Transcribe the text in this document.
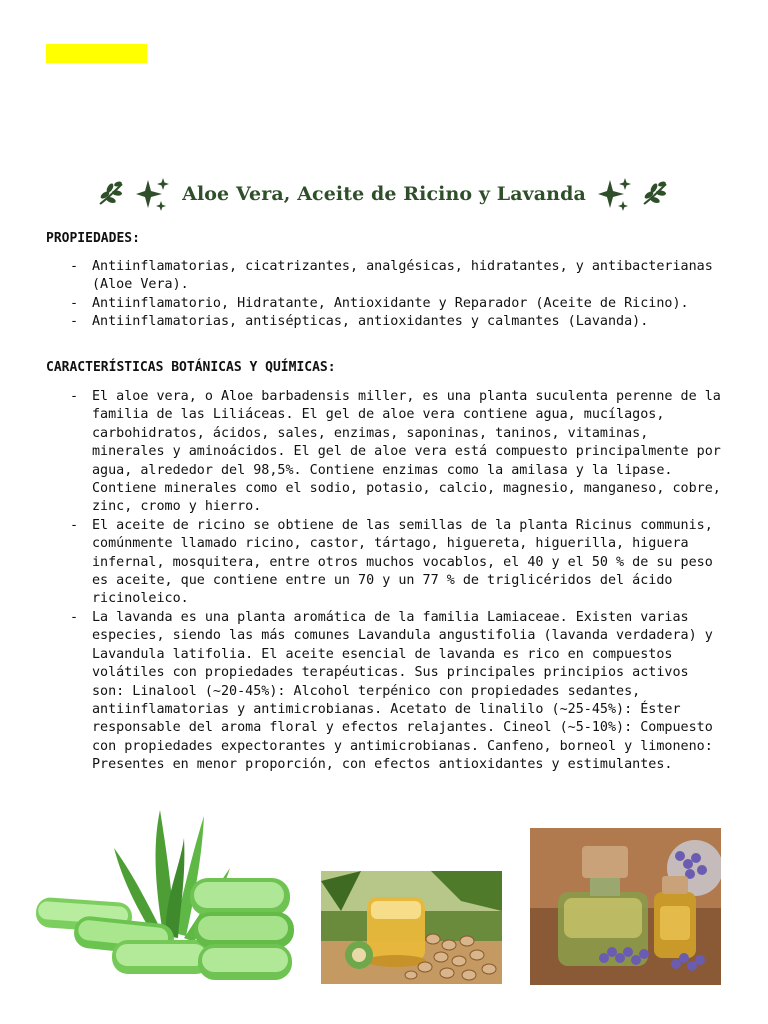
Aloe Vera, Aceite de Ricino y Lavanda
PROPIEDADES:
- Antiinflamatorias, cicatrizantes, analgésicas, hidratantes, y antibacterianas (Aloe Vera).
- Antiinflamatorio, Hidratante, Antioxidante y Reparador (Aceite de Ricino).
- Antiinflamatorias, antisépticas, antioxidantes y calmantes (Lavanda).
CARACTERÍSTICAS BOTÁNICAS Y QUÍMICAS:
- El aloe vera, o Aloe barbadensis miller, es una planta suculenta perenne de la familia de las Liliáceas. El gel de aloe vera contiene agua, mucílagos, carbohidratos, ácidos, sales, enzimas, saponinas, taninos, vitaminas, minerales y aminoácidos. El gel de aloe vera está compuesto principalmente por agua, alrededor del 98,5%. Contiene enzimas como la amilasa y la lipase. Contiene minerales como el sodio, potasio, calcio, magnesio, manganeso, cobre, zinc, cromo y hierro.
- El aceite de ricino se obtiene de las semillas de la planta Ricinus communis, comúnmente llamado ricino, castor, tártago, higuereta, higuerilla, higuera infernal, mosquitera, entre otros muchos vocablos, el 40 y el 50 % de su peso es aceite, que contiene entre un 70 y un 77 % de triglicéridos del ácido ricinoleico.
- La lavanda es una planta aromática de la familia Lamiaceae. Existen varias especies, siendo las más comunes Lavandula angustifolia (lavanda verdadera) y Lavandula latifolia. El aceite esencial de lavanda es rico en compuestos volátiles con propiedades terapéuticas. Sus principales principios activos son: Linalool (~20-45%): Alcohol terpénico con propiedades sedantes, antiinflamatorias y antimicrobianas. Acetato de linalilo (~25-45%): Éster responsable del aroma floral y efectos relajantes. Cineol (~5-10%): Compuesto con propiedades expectorantes y antimicrobianas. Canfeno, borneol y limoneno: Presentes en menor proporción, con efectos antioxidantes y estimulantes.
